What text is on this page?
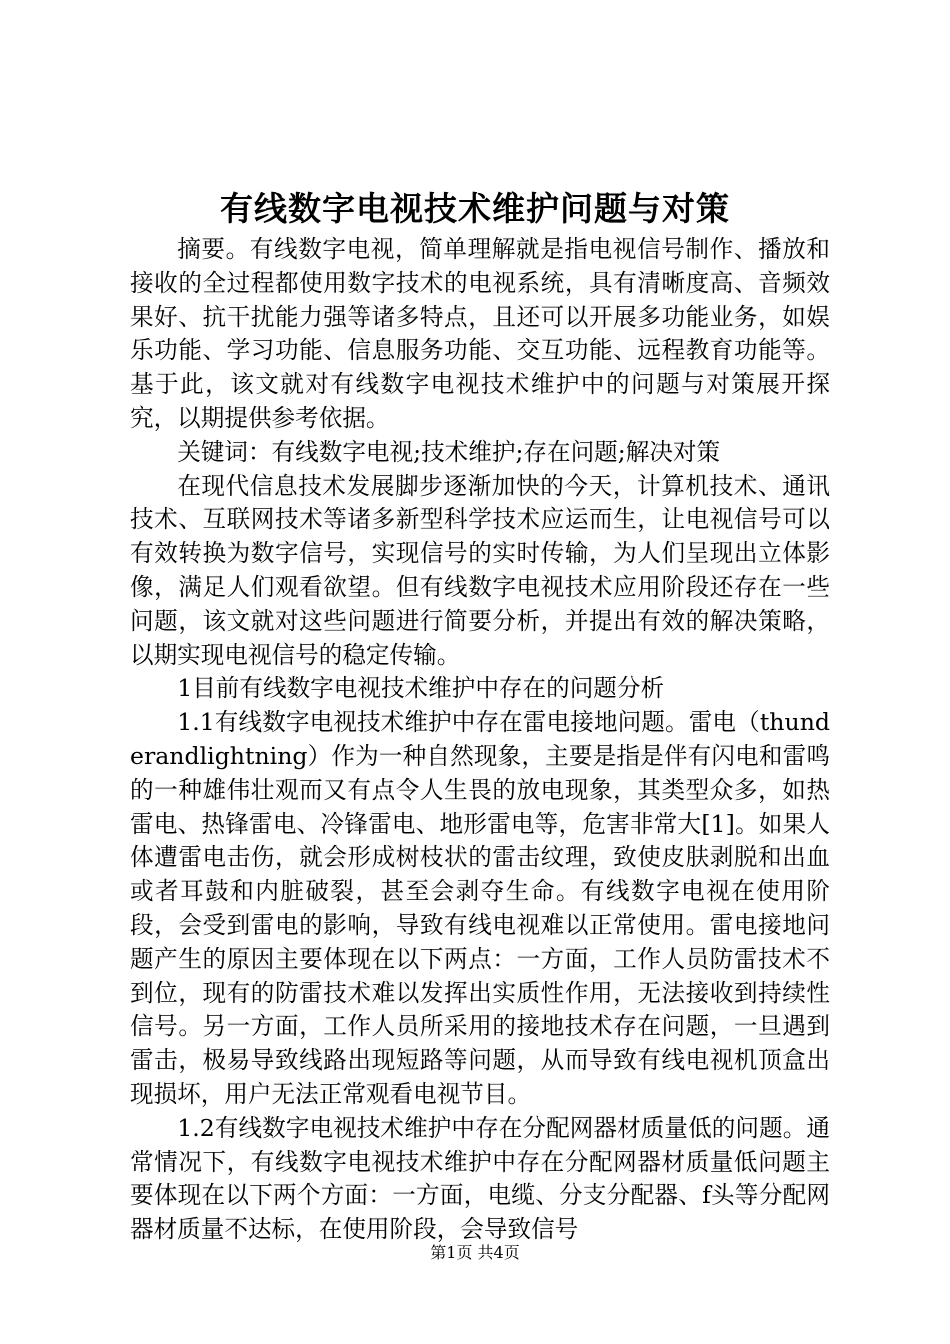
有线数字电视技术维护问题与对策

摘要。有线数字电视，简单理解就是指电视信号制作、播放和接收的全过程都使用数字技术的电视系统，具有清晰度高、音频效果好、抗干扰能力强等诸多特点，且还可以开展多功能业务，如娱乐功能、学习功能、信息服务功能、交互功能、远程教育功能等。基于此，该文就对有线数字电视技术维护中的问题与对策展开探究，以期提供参考依据。

关键词：有线数字电视;技术维护;存在问题;解决对策

在现代信息技术发展脚步逐渐加快的今天，计算机技术、通讯技术、互联网技术等诸多新型科学技术应运而生，让电视信号可以有效转换为数字信号，实现信号的实时传输，为人们呈现出立体影像，满足人们观看欲望。但有线数字电视技术应用阶段还存在一些问题，该文就对这些问题进行简要分析，并提出有效的解决策略，以期实现电视信号的稳定传输。

1目前有线数字电视技术维护中存在的问题分析

1.1有线数字电视技术维护中存在雷电接地问题。雷电（thunderandlightning）作为一种自然现象，主要是指是伴有闪电和雷鸣的一种雄伟壮观而又有点令人生畏的放电现象，其类型众多，如热雷电、热锋雷电、冷锋雷电、地形雷电等，危害非常大[1]。如果人体遭雷电击伤，就会形成树枝状的雷击纹理，致使皮肤剥脱和出血或者耳鼓和内脏破裂，甚至会剥夺生命。有线数字电视在使用阶段，会受到雷电的影响，导致有线电视难以正常使用。雷电接地问题产生的原因主要体现在以下两点：一方面，工作人员防雷技术不到位，现有的防雷技术难以发挥出实质性作用，无法接收到持续性信号。另一方面，工作人员所采用的接地技术存在问题，一旦遇到雷击，极易导致线路出现短路等问题，从而导致有线电视机顶盒出现损坏，用户无法正常观看电视节目。

1.2有线数字电视技术维护中存在分配网器材质量低的问题。通常情况下，有线数字电视技术维护中存在分配网器材质量低问题主要体现在以下两个方面：一方面，电缆、分支分配器、f头等分配网器材质量不达标，在使用阶段，会导致信号

第1页 共4页
